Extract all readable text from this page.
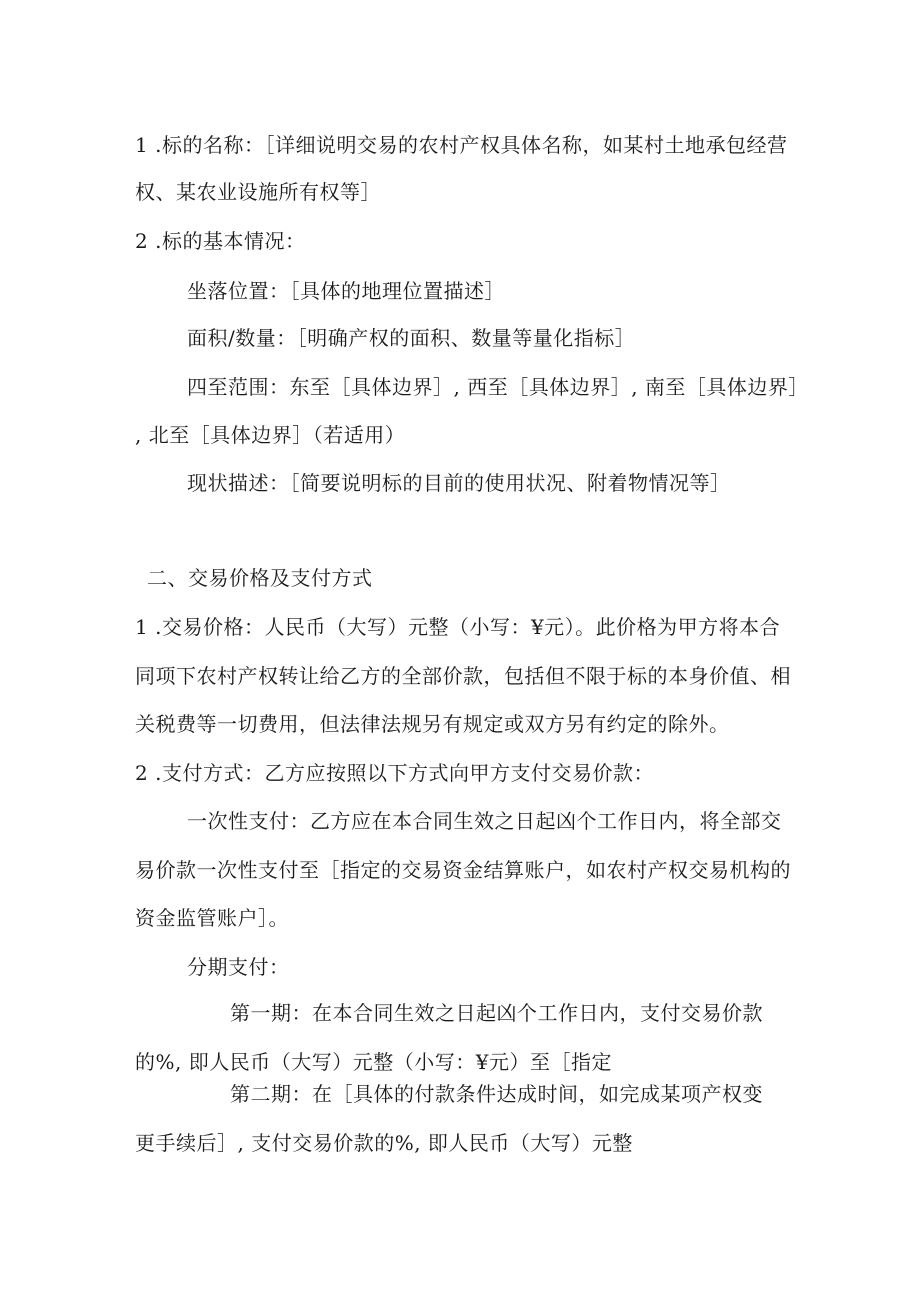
1 .标的名称：［详细说明交易的农村产权具体名称，如某村土地承包经营
权、某农业设施所有权等］
2 .标的基本情况：
坐落位置：［具体的地理位置描述］
面积/数量：［明确产权的面积、数量等量化指标］
四至范围：东至［具体边界］, 西至［具体边界］, 南至［具体边界］
, 北至［具体边界］（若适用）
现状描述：［简要说明标的目前的使用状况、附着物情况等］
二、交易价格及支付方式
1 .交易价格：人民币（大写）元整（小写：¥元）。此价格为甲方将本合
同项下农村产权转让给乙方的全部价款，包括但不限于标的本身价值、相
关税费等一切费用，但法律法规另有规定或双方另有约定的除外。
2 .支付方式：乙方应按照以下方式向甲方支付交易价款：
一次性支付：乙方应在本合同生效之日起凶个工作日内，将全部交
易价款一次性支付至［指定的交易资金结算账户，如农村产权交易机构的
资金监管账户］。
分期支付：
第一期：在本合同生效之日起凶个工作日内，支付交易价款
的%, 即人民币（大写）元整（小写：¥元）至［指定
第二期：在［具体的付款条件达成时间，如完成某项产权变
更手续后］, 支付交易价款的%, 即人民币（大写）元整
